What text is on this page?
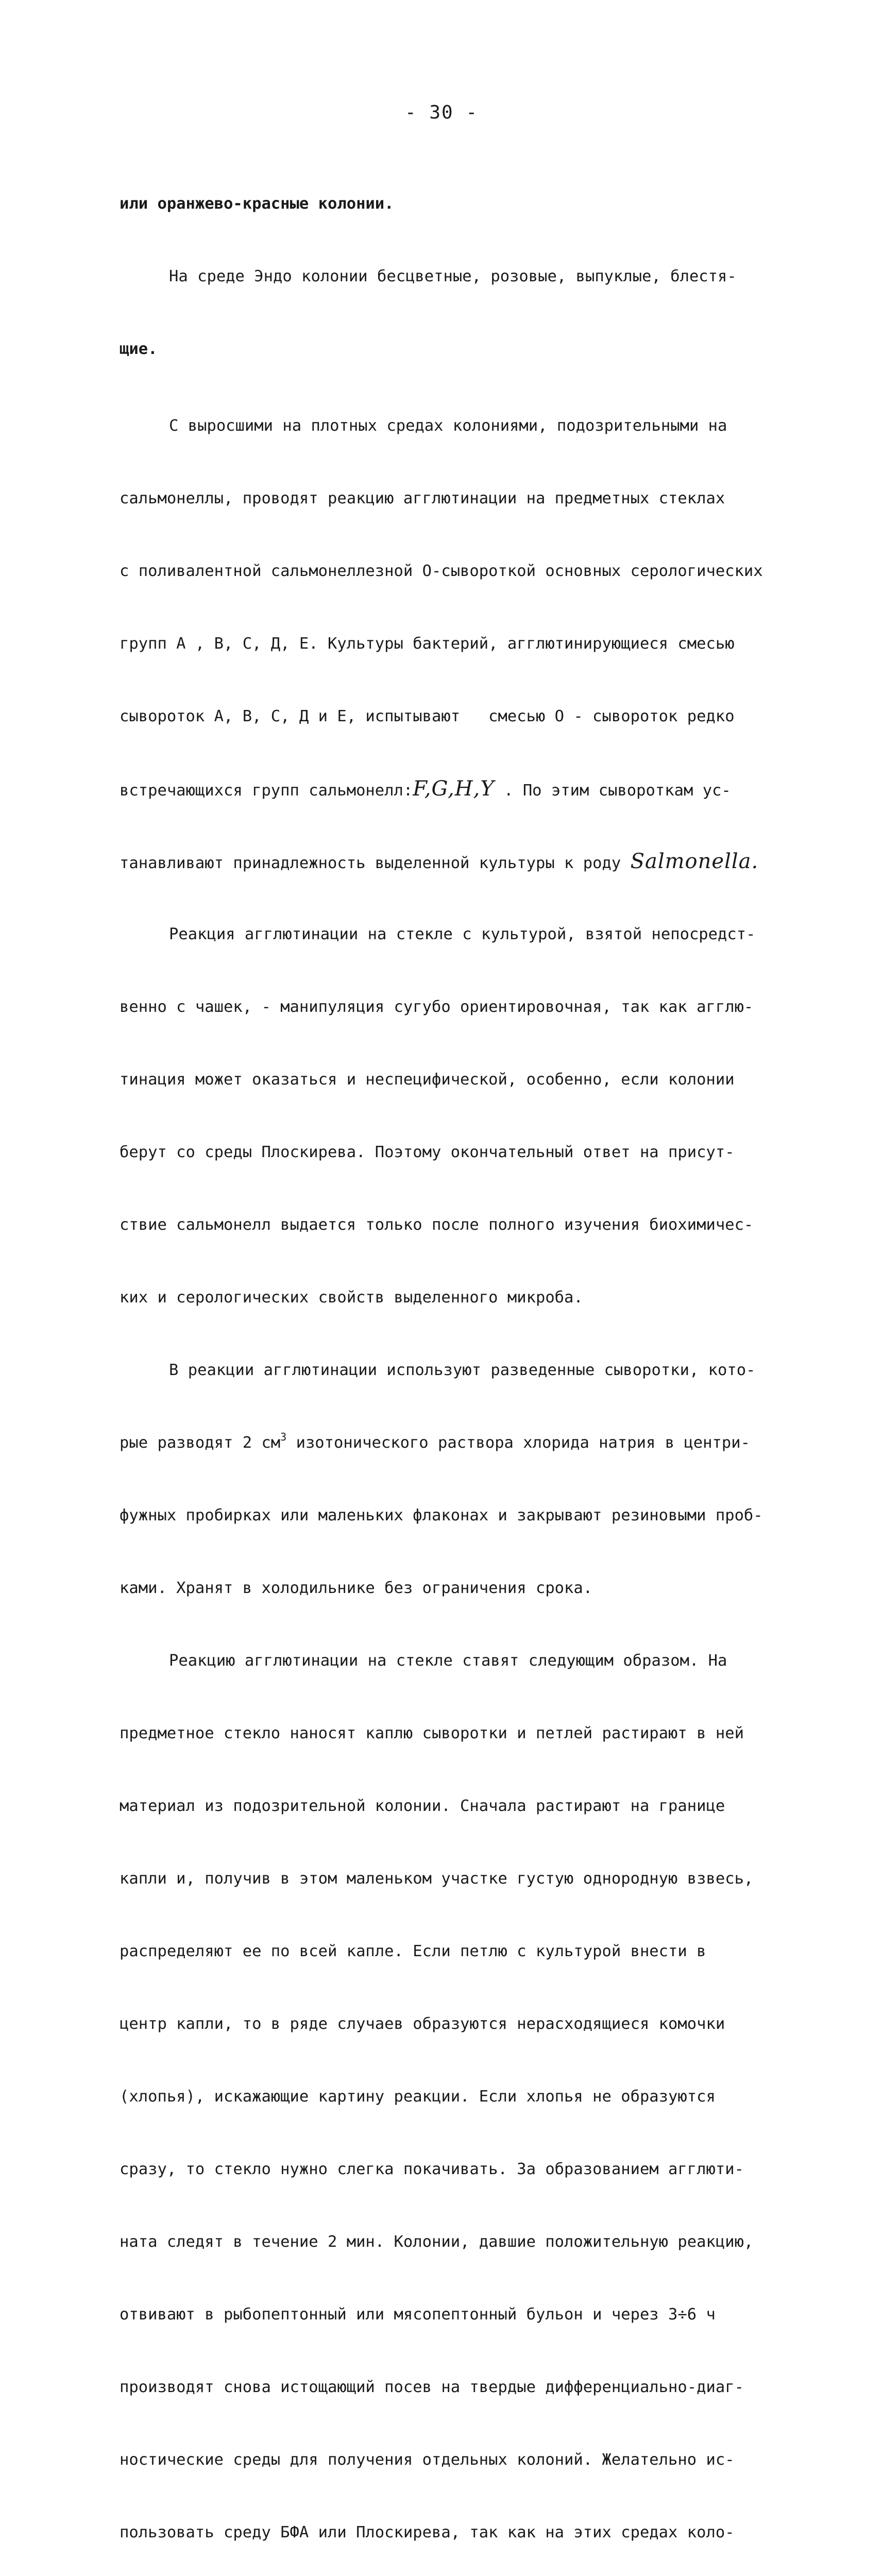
- 30 -

или оранжево-красные колонии.

На среде Эндо колонии бесцветные, розовые, выпуклые, блестя-

щие.

С выросшими на плотных средах колониями, подозрительными на

сальмонеллы, проводят реакцию агглютинации на предметных стеклах

с поливалентной сальмонеллезной О-сывороткой основных серологических

групп А , В, С, Д, Е. Культуры бактерий, агглютинирующиеся смесью

сывороток А, В, С, Д и Е, испытывают   смесью О - сывороток редко

встречающихся групп сальмонелл:F,G,H,Y . По этим сывороткам ус-

танавливают принадлежность выделенной культуры к роду Salmonella.

Реакция агглютинации на стекле с культурой, взятой непосредст-

венно с чашек, - манипуляция сугубо ориентировочная, так как агглю-

тинация может оказаться и неспецифической, особенно, если колонии

берут со среды Плоскирева. Поэтому окончательный ответ на присут-

ствие сальмонелл выдается только после полного изучения биохимичес-

ких и серологических свойств выделенного микроба.

В реакции агглютинации используют разведенные сыворотки, кото-

рые разводят 2 $см^3$ изотонического раствора хлорида натрия в центри-

фужных пробирках или маленьких флаконах и закрывают резиновыми проб-

ками. Хранят в холодильнике без ограничения срока.

Реакцию агглютинации на стекле ставят следующим образом. На

предметное стекло наносят каплю сыворотки и петлей растирают в ней

материал из подозрительной колонии. Сначала растирают на границе

капли и, получив в этом маленьком участке густую однородную взвесь,

распределяют ее по всей капле. Если петлю с культурой внести в

центр капли, то в ряде случаев образуются нерасходящиеся комочки

(хлопья), искажающие картину реакции. Если хлопья не образуются

сразу, то стекло нужно слегка покачивать. За образованием агглюти-

ната следят в течение 2 мин. Колонии, давшие положительную реакцию,

отвивают в рыбопептонный или мясопептонный бульон и через 3÷6 ч

производят снова истощающий посев на твердые дифференциально-диаг-

ностические среды для получения отдельных колоний. Желательно ис-

пользовать среду БФА или Плоскирева, так как на этих средах коло-
